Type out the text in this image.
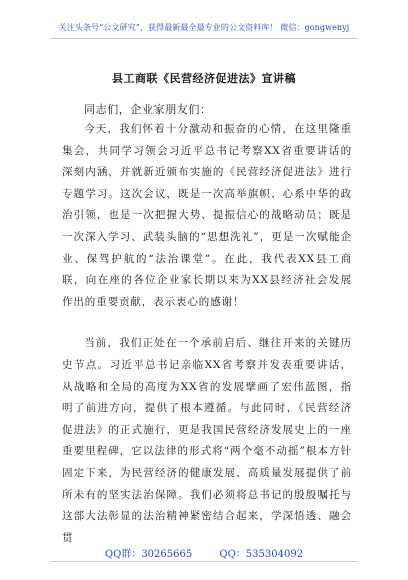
关注头条号“公文研究”，获得最新最全最专业的公文资料库！ 微信：gongwenyj
县工商联《民营经济促进法》宣讲稿
同志们，企业家朋友们：

今天，我们怀着十分激动和振奋的心情，在这里隆重集会，共同学习领会习近平总书记考察XX省重要讲话的深刻内涵，并就新近颁布实施的《民营经济促进法》进行专题学习。这次会议，既是一次高举旗帜、心系中华的政治引领，也是一次把握大势、提振信心的战略动员；既是一次深入学习、武装头脑的“思想洗礼”，更是一次赋能企业、保驾护航的“法治课堂”。在此，我代表XX县工商联，向在座的各位企业家长期以来为XX县经济社会发展作出的重要贡献，表示衷心的感谢！

当前，我们正处在一个承前启后、继往开来的关键历史节点。习近平总书记亲临XX省考察并发表重要讲话，从战略和全局的高度为XX省的发展擘画了宏伟蓝图，指明了前进方向，提供了根本遵循。与此同时，《民营经济促进法》的正式施行，更是我国民营经济发展史上的一座重要里程碑，它以法律的形式将“两个毫不动摇”根本方针固定下来，为民营经济的健康发展、高质量发展提供了前所未有的坚实法治保障。我们必须将总书记的殷殷嘱托与这部大法彰显的法治精神紧密结合起来，学深悟透、融会贯

QQ群：30265665	QQ：535304092
